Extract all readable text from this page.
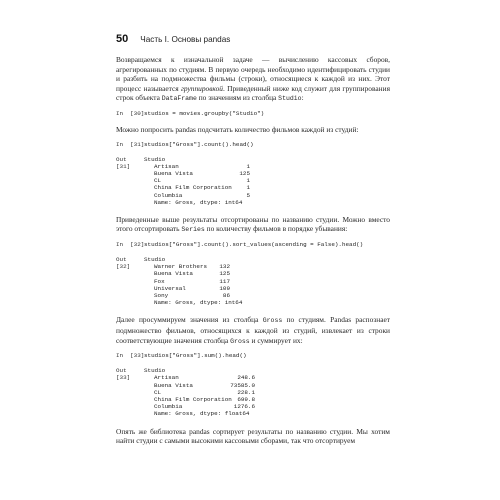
50 Часть I. Основы pandas

Возвращаемся к изначальной задаче — вычислению кассовых сборов, агрегированных по студиям. В первую очередь необходимо идентифицировать студии и разбить на подмножества фильмы (строки), относящиеся к каждой из них. Этот процесс называется группировкой. Приведенный ниже код служит для группирования строк объекта DataFrame по значениям из столбца Studio:

In  [30] studios = movies.groupby("Studio")

Можно попросить pandas подсчитать количество фильмов каждой из студий:

In  [31] studios["Gross"].count().head()
Out [31]
Studio
Artisan	1
Buena Vista	125
CL	1
China Film Corporation	1
Columbia	5
Name: Gross, dtype: int64

Приведенные выше результаты отсортированы по названию студии. Можно вместо этого отсортировать Series по количеству фильмов в порядке убывания:

In  [32] studios["Gross"].count().sort_values(ascending = False).head()
Out [32]
Studio
Warner Brothers	132
Buena Vista	125
Fox	117
Universal	109
Sony	86
Name: Gross, dtype: int64

Далее просуммируем значения из столбца Gross по студиям. Pandas распознает подмножество фильмов, относящихся к каждой из студий, извлекает из строки соответствующие значения столбца Gross и суммирует их:

In  [33] studios["Gross"].sum().head()
Out [33]
Studio
Artisan	248.6
Buena Vista	73585.0
CL	228.1
China Film Corporation 699.8
Columbia	1276.6
Name: Gross, dtype: float64

Опять же библиотека pandas сортирует результаты по названию студии. Мы хотим найти студии с самыми высокими кассовыми сборами, так что отсортируем
